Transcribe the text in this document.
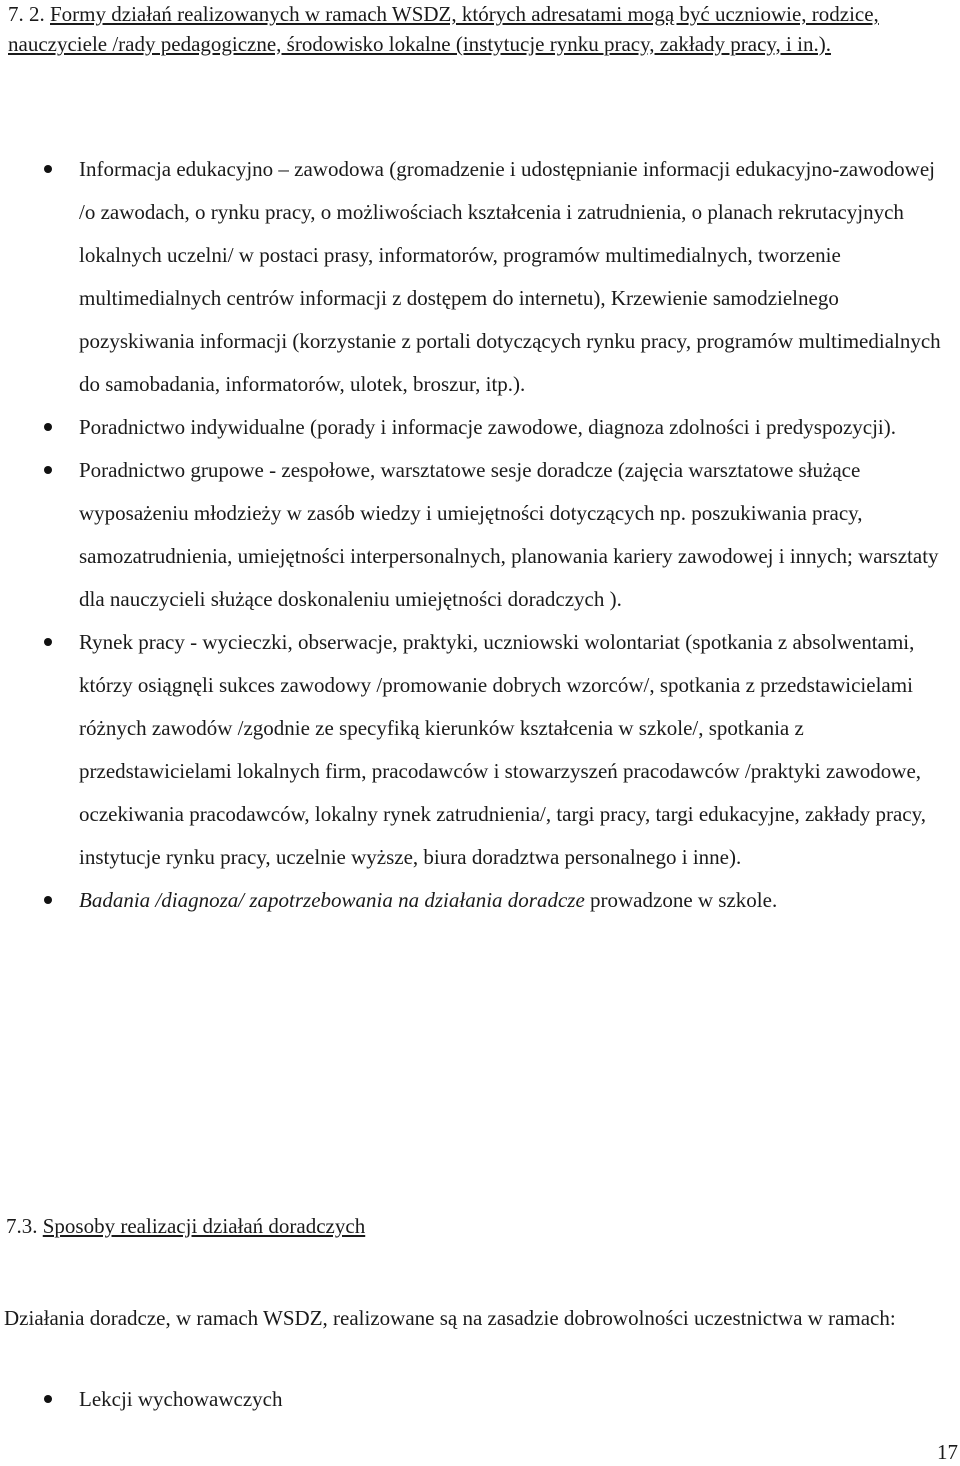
7. 2. Formy działań realizowanych w ramach WSDZ, których adresatami mogą być uczniowie, rodzice, nauczyciele /rady pedagogiczne, środowisko lokalne (instytucje rynku pracy, zakłady pracy, i in.).
Informacja edukacyjno – zawodowa (gromadzenie i udostępnianie informacji edukacyjno-zawodowej /o zawodach, o rynku pracy, o możliwościach kształcenia i zatrudnienia, o planach rekrutacyjnych lokalnych uczelni/ w postaci prasy, informatorów, programów multimedialnych, tworzenie multimedialnych centrów informacji z dostępem do internetu), Krzewienie samodzielnego pozyskiwania informacji (korzystanie z portali dotyczących rynku pracy, programów multimedialnych do samobadania, informatorów, ulotek, broszur, itp.).
Poradnictwo indywidualne (porady i informacje zawodowe, diagnoza zdolności i predyspozycji).
Poradnictwo grupowe - zespołowe, warsztatowe sesje doradcze (zajęcia warsztatowe służące wyposażeniu młodzieży w zasób wiedzy i umiejętności dotyczących np. poszukiwania pracy, samozatrudnienia, umiejętności interpersonalnych, planowania kariery zawodowej i innych; warsztaty dla nauczycieli służące doskonaleniu umiejętności doradczych ).
Rynek pracy - wycieczki, obserwacje, praktyki, uczniowski wolontariat (spotkania z absolwentami, którzy osiągnęli sukces zawodowy /promowanie dobrych wzorców/, spotkania z przedstawicielami różnych zawodów /zgodnie ze specyfiką kierunków kształcenia w szkole/, spotkania z przedstawicielami lokalnych firm, pracodawców i stowarzyszeń pracodawców /praktyki zawodowe, oczekiwania pracodawców, lokalny rynek zatrudnienia/, targi pracy, targi edukacyjne, zakłady pracy, instytucje rynku pracy, uczelnie wyższe, biura doradztwa personalnego i inne).
Badania /diagnoza/ zapotrzebowania na działania doradcze prowadzone w szkole.
7.3. Sposoby realizacji działań doradczych
Działania doradcze, w ramach WSDZ, realizowane są na zasadzie dobrowolności uczestnictwa w ramach:
Lekcji wychowawczych
17
